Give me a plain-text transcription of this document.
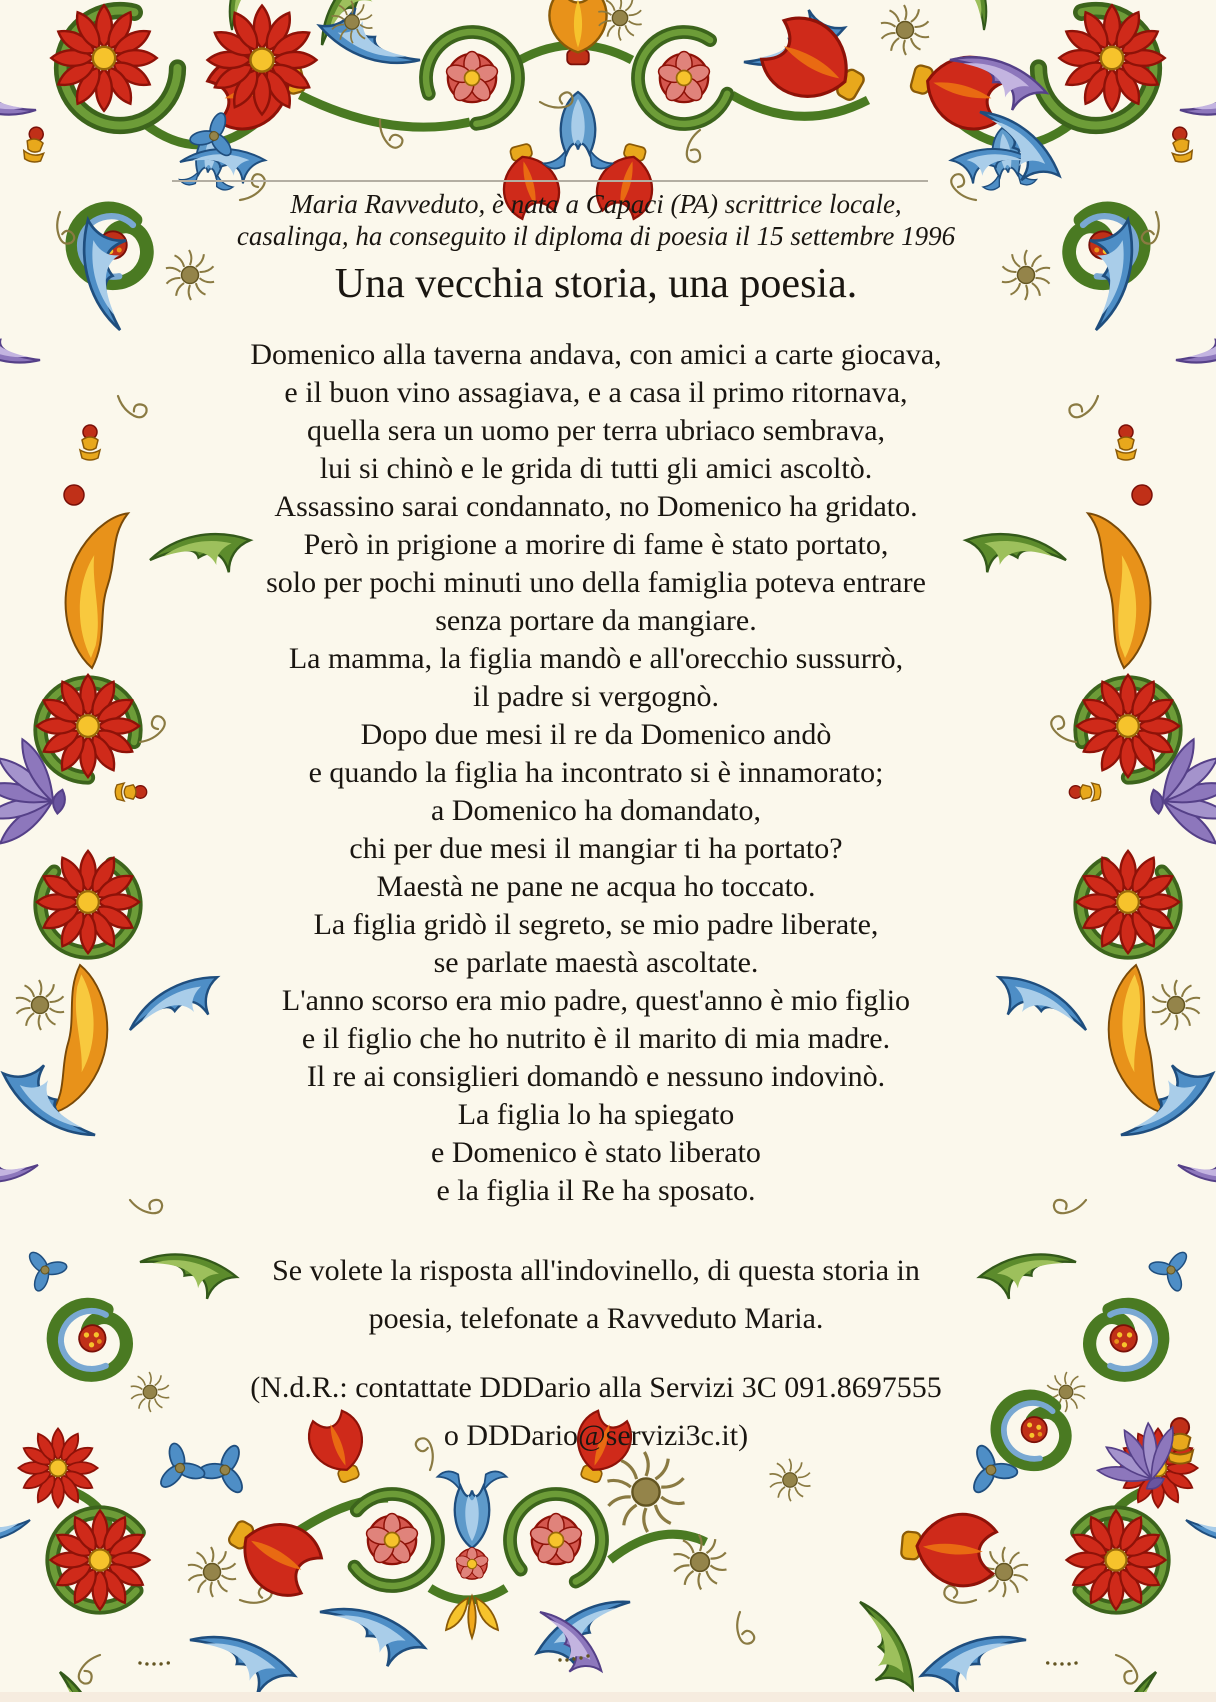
Maria Ravveduto, è nata a Capaci (PA) scrittrice locale,
casalinga, ha conseguito il diploma di poesia il 15 settembre 1996
Una vecchia storia, una poesia.
Domenico alla taverna andava, con amici a carte giocava,
e il buon vino assagiava, e a casa il primo ritornava,
quella sera un uomo per terra ubriaco sembrava,
lui si chinò e le grida di tutti gli amici ascoltò.
Assassino sarai condannato, no Domenico ha gridato.
Però in prigione a morire di fame è stato portato,
solo per pochi minuti uno della famiglia poteva entrare
senza portare da mangiare.
La mamma, la figlia mandò e all'orecchio sussurrò,
il padre si vergognò.
Dopo due mesi il re da Domenico andò
e quando la figlia ha incontrato si è innamorato;
a Domenico ha domandato,
chi per due mesi il mangiar ti ha portato?
Maestà ne pane ne acqua ho toccato.
La figlia gridò il segreto, se mio padre liberate,
se parlate maestà ascoltate.
L'anno scorso era mio padre, quest'anno è mio figlio
e il figlio che ho nutrito è il marito di mia madre.
Il re ai consiglieri domandò e nessuno indovinò.
La figlia lo ha spiegato
e Domenico è stato liberato
e la figlia il Re ha sposato.
Se volete la risposta all'indovinello, di questa storia in
poesia, telefonate a Ravveduto Maria.
(N.d.R.: contattate DDDario alla Servizi 3C 091.8697555
o DDDario@servizi3c.it)
